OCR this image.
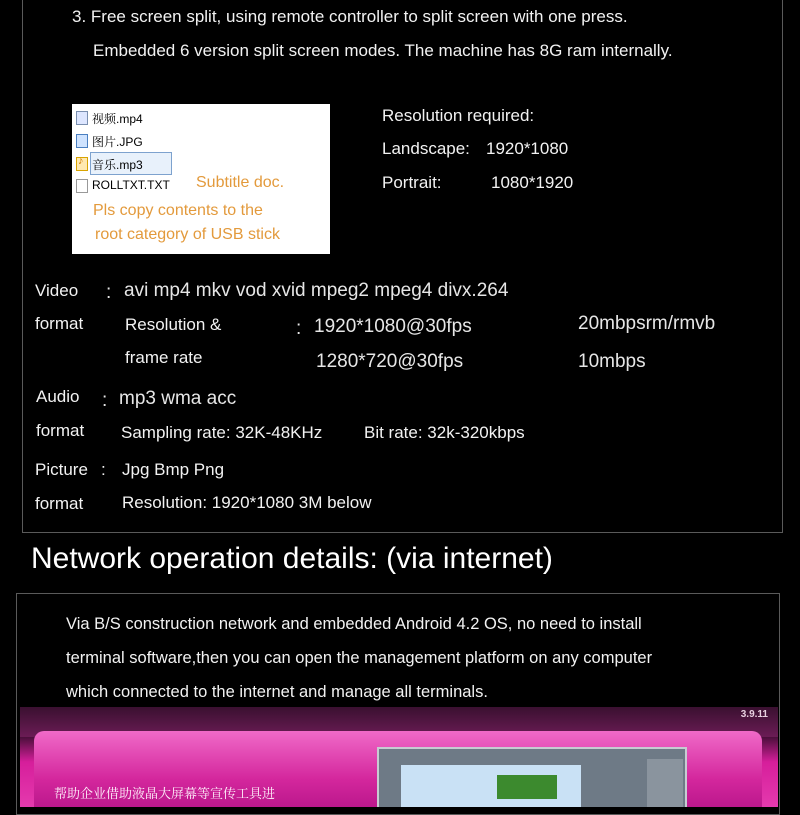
3. Free screen split, using remote controller to split screen with one press.
Embedded 6 version split screen modes. The machine has 8G ram internally.
视频.mp4
图片.JPG
♪
音乐.mp3
ROLLTXT.TXT Subtitle doc.
Pls copy contents to the
root category of USB stick
Resolution required:
Landscape: 1920*1080
Portrait:	1080*1920
Video
format
: avi mp4 mkv vod xvid mpeg2 mpeg4 divx.264
Resolution &
frame rate
: 1920*1080@30fps
1280*720@30fps
20mbpsrm/rmvb
10mbps
Audio
format
: mp3 wma acc
Sampling rate: 32K-48KHz Bit rate: 32k-320kbps
Picture
format
: Jpg Bmp Png
Resolution: 1920*1080 3M below
Network operation details: (via internet)
Via B/S construction network and embedded Android 4.2 OS, no need to install
terminal software,then you can open the management platform on any computer
which connected to the internet and manage all terminals.
3.9.11
帮助企业借助液晶大屏幕等宣传工具进
